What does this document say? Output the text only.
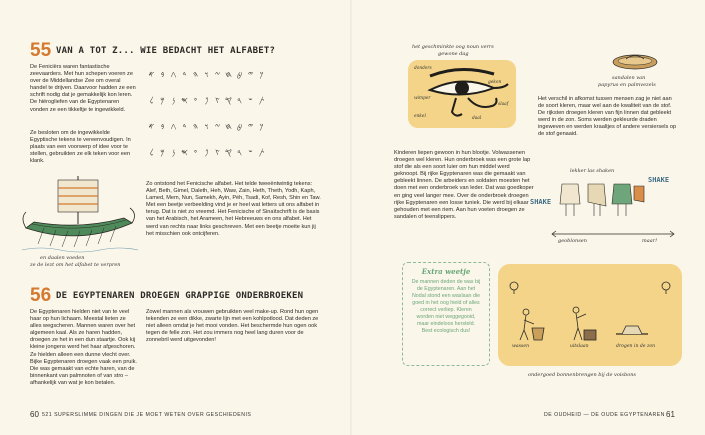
55 VAN A TOT Z... WIE BEDACHT HET ALFABET?
De Feniciërs waren fantastische zeevaarders. Met hun schepen voeren ze over de Middellandse Zee om overal handel te drijven. Daarvoor hadden ze een schrift nodig dat je gemakkelijk kon leren. De hiërogliefen van de Egyptenaren vonden ze een tikkeltje te ingewikkeld.
Ze besloten om de ingewikkelde Egyptische tekens te vereenvoudigen. In plaats van een voorwerp of idee voor te stellen, gebruikten ze elk teken voor een klank.
𐤀 𐤁 𐤂 𐤃 𐤄 𐤅 𐤆 𐤇 𐤈 𐤉 𐤊
𐤋 𐤌 𐤍 𐤎 𐤏 𐤐 𐤑 𐤒 𐤓 𐤔 𐤕
𐤀 𐤁 𐤂 𐤃 𐤄 𐤅 𐤆 𐤇 𐤈 𐤉 𐤊
𐤋 𐤌 𐤍 𐤎 𐤏 𐤐 𐤑 𐤒 𐤓 𐤔 𐤕
en daalen voeden
ze de lezt om het alfabet te verpren
Zo ontstond het Fenicische alfabet. Het telde tweeëntwintig tekens: Alef, Beth, Gimel, Daleth, Heh, Waw, Zain, Heth, Theth, Yodh, Kaph, Lamed, Mem, Nun, Samekh, Ayin, Péh, Tsadi, Kof, Resh, Shin en Taw. Met een beetje verbeelding vind je er heel wat letters uit ons alfabet in terug. Dat is niet zo vreemd. Het Fenicische of Sinaïtschrift is de basis van het Arabisch, het Arameen, het Hebreeuws en ons alfabet. Het werd van rechts naar links geschreven. Met een beetje moeite kun jij het misschien ook ontcijferen.
56 DE EGYPTENAREN DROEGEN GRAPPIGE ONDERBROEKEN
De Egyptenaren hielden niet van te veel haar op hun lichaam. Meestal lieten ze alles wegscheren. Mannen waren over het algemeen kaal. Als ze haren hadden, droegen ze het in een dun staartje. Ook kij kleine jongens werd het haar afgeschoren. Ze hielden alleen een dunne vlecht over. Bijke Egyptenaren droegen vaak een pruik. Die was gemaakt van echte haren, van de binnenkant van palmnoten of van stro – afhankelijk van wat je kon betalen.
Zowel mannen als vrouwen gebruikten veel make-up. Rond hun ogen tekenden ze een dikke, zwarte lijn met een kohlpotlood. Dat deden ze niet alleen omdat je het mooi vonden. Het beschermde hun ogen ook tegen de felle zon. Het zou immers nog heel lang duren voor de zonnebril werd uitgevonden!
60 521 SUPERSLIMME DINGEN DIE JE MOET WETEN OVER GESCHIEDENIS
het geschminkte oog noun verrs
gewone dag
donders
gekon
wimper
enkel
slaaf
daal
sandalen van
papyrus en palmvezels
Het verschil in afkomst tussen mensen zag je niet aan de soort kleren, maar wel aan de kwaliteit van de stof. De rijksten droegen kleren van fijn linnen dat gebleekt werd in de zon. Soms werden gekleurde draden ingeweven en werden kraaltjes of andere versiersels op de stof genaaid.
Kinderen liepen gewoon in hun blootje. Volwassenen droegen wel kleren. Hun onderbroek was een grote lap stof die als een soort luier om hun middel werd geknoopt. Bij rijke Egyptenaren was die gemaakt van gebleekt linnen. De arbeiders en soldaten moesten het doen met een onderbroek van leder. Dat was goedkoper en ging veel langer mee. Over de onderbroek droegen rijke Egyptenaren een losse tuniek. Die werd bij elkaar gehouden met een riem. Aan hun voeten droegen ze sandalen of teenslippers.
lekker las shaken
SHAKE
SHAKE
geoblonsen	maar!
Extra weetje
De mannen deden de was bij de Egyptenaren. Aan het Nodal stond een waslaan die goed in het oog hield of alles correct verliep. Kleren worden niet weggegooid, maar eindeloos hersteld. Best ecologisch dus!
wassen	uitslaan	drogen in de zon
ondergoed bonnenbrengen bij de voisbons
DE OUDHEID — DE OUDE EGYPTENAREN 61
